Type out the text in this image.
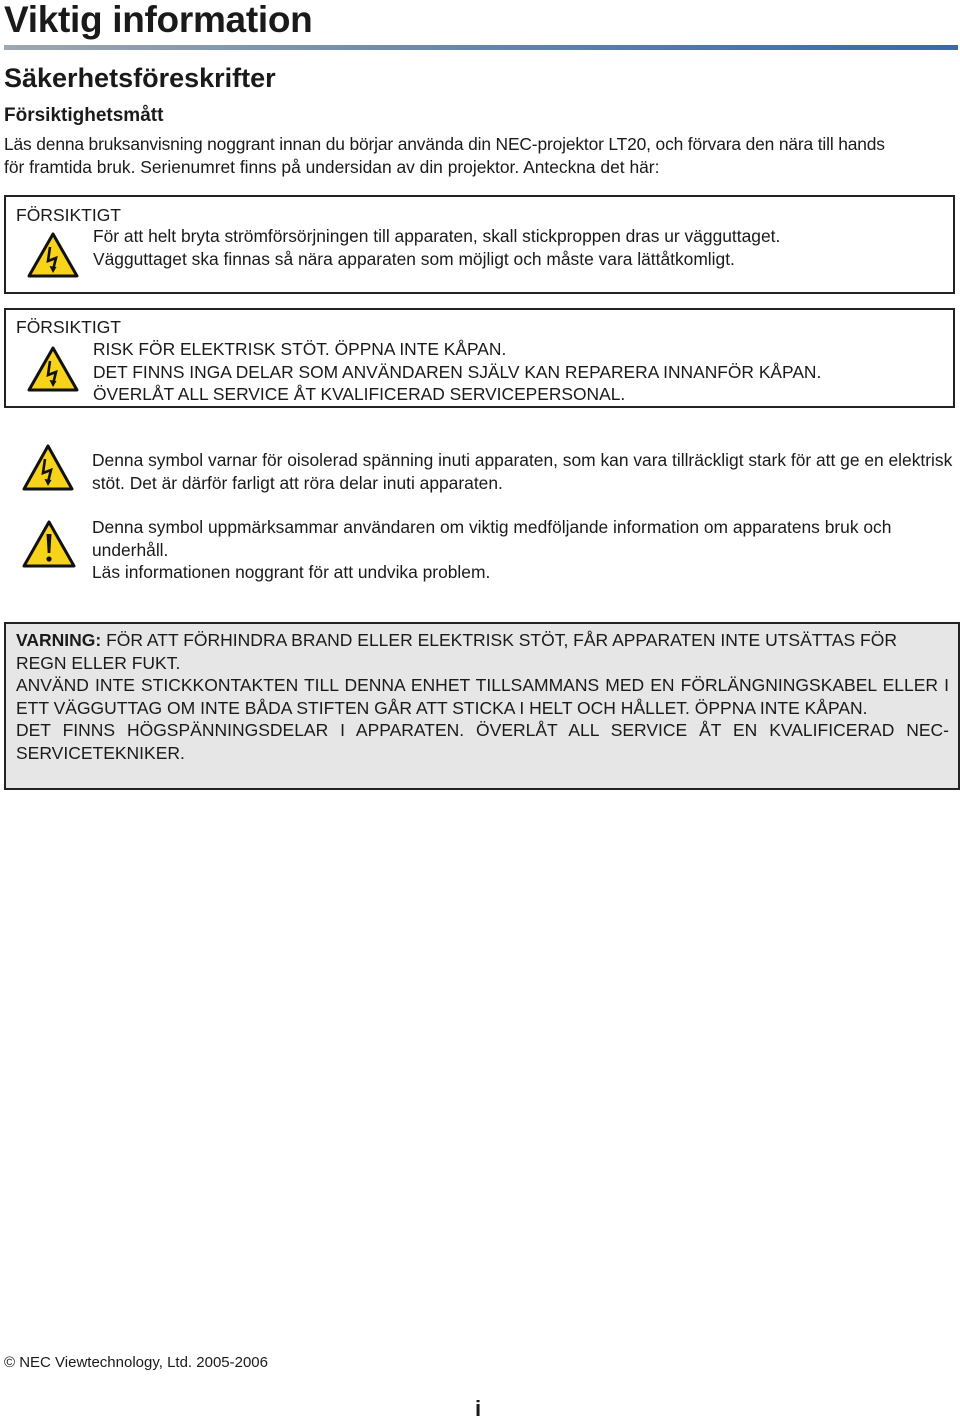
Viktig information
Säkerhetsföreskrifter
Försiktighetsmått
Läs denna bruksanvisning noggrant innan du börjar använda din NEC-projektor LT20, och förvara den nära till hands
för framtida bruk. Serienumret finns på undersidan av din projektor. Anteckna det här:
FÖRSIKTIGT
För att helt bryta strömförsörjningen till apparaten, skall stickproppen dras ur vägguttaget.
Vägguttaget ska finnas så nära apparaten som möjligt och måste vara lättåtkomligt.
FÖRSIKTIGT
RISK FÖR ELEKTRISK STÖT. ÖPPNA INTE KÅPAN.
DET FINNS INGA DELAR SOM ANVÄNDAREN SJÄLV KAN REPARERA INNANFÖR KÅPAN.
ÖVERLÅT ALL SERVICE ÅT KVALIFICERAD SERVICEPERSONAL.

Denna symbol varnar för oisolerad spänning inuti apparaten, som kan vara tillräckligt stark för att ge en elektrisk stöt. Det är därför farligt att röra delar inuti apparaten.

Denna symbol uppmärksammar användaren om viktig medföljande information om apparatens bruk och underhåll.
Läs informationen noggrant för att undvika problem.

VARNING: FÖR ATT FÖRHINDRA BRAND ELLER ELEKTRISK STÖT, FÅR APPARATEN INTE UTSÄTTAS FÖR REGN ELLER FUKT.

ANVÄND INTE STICKKONTAKTEN TILL DENNA ENHET TILLSAMMANS MED EN FÖRLÄNGNINGSKABEL ELLER I ETT VÄGGUTTAG OM INTE BÅDA STIFTEN GÅR ATT STICKA I HELT OCH HÅLLET. ÖPPNA INTE KÅPAN.

DET FINNS HÖGSPÄNNINGSDELAR I APPARATEN. ÖVERLÅT ALL SERVICE ÅT EN KVALIFICERAD NEC-SERVICETEKNIKER.

© NEC Viewtechnology, Ltd. 2005-2006
i
